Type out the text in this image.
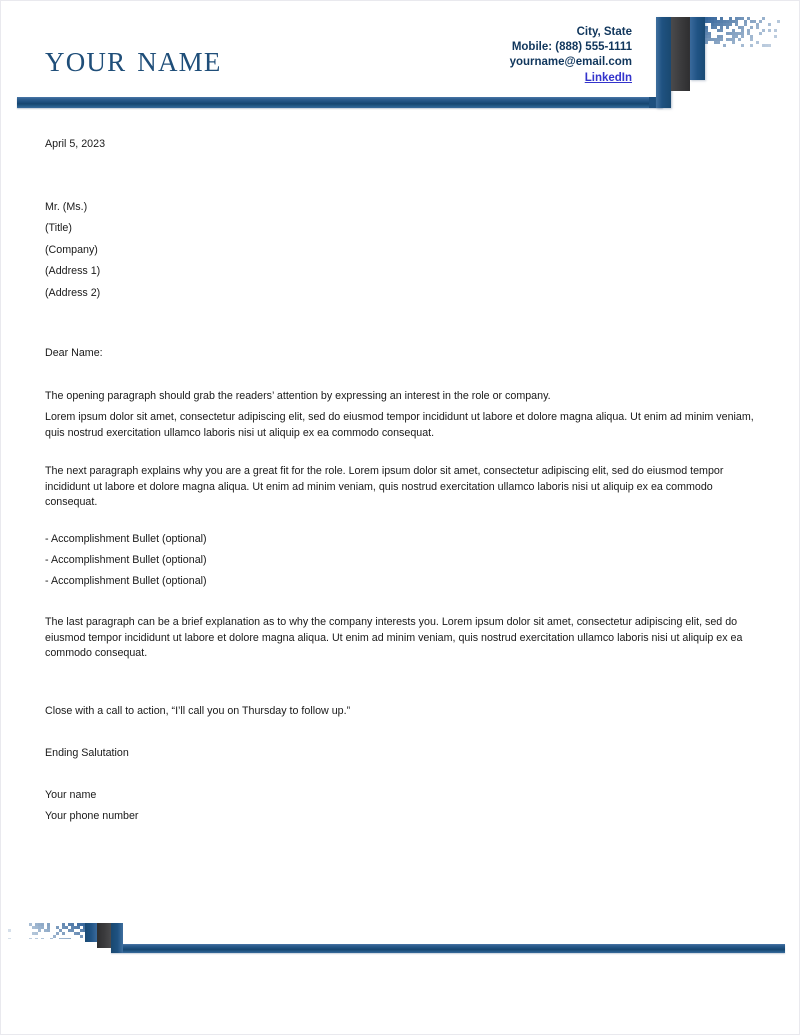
your name
City, State
Mobile: (888) 555-1111
yourname@email.com
LinkedIn
April 5, 2023
Mr. (Ms.)
(Title)
(Company)
(Address 1)
(Address 2)
Dear Name:
The opening paragraph should grab the readers’ attention by expressing an interest in the role or company.
Lorem ipsum dolor sit amet, consectetur adipiscing elit, sed do eiusmod tempor incididunt ut labore et dolore magna aliqua. Ut enim ad minim veniam, quis nostrud exercitation ullamco laboris nisi ut aliquip ex ea commodo consequat.
The next paragraph explains why you are a great fit for the role. Lorem ipsum dolor sit amet, consectetur adipiscing elit, sed do eiusmod tempor incididunt ut labore et dolore magna aliqua. Ut enim ad minim veniam, quis nostrud exercitation ullamco laboris nisi ut aliquip ex ea commodo consequat.
- Accomplishment Bullet (optional)
- Accomplishment Bullet (optional)
- Accomplishment Bullet (optional)
The last paragraph can be a brief explanation as to why the company interests you. Lorem ipsum dolor sit amet, consectetur adipiscing elit, sed do eiusmod tempor incididunt ut labore et dolore magna aliqua. Ut enim ad minim veniam, quis nostrud exercitation ullamco laboris nisi ut aliquip ex ea commodo consequat.
Close with a call to action, “I’ll call you on Thursday to follow up.”
Ending Salutation
Your name
Your phone number
